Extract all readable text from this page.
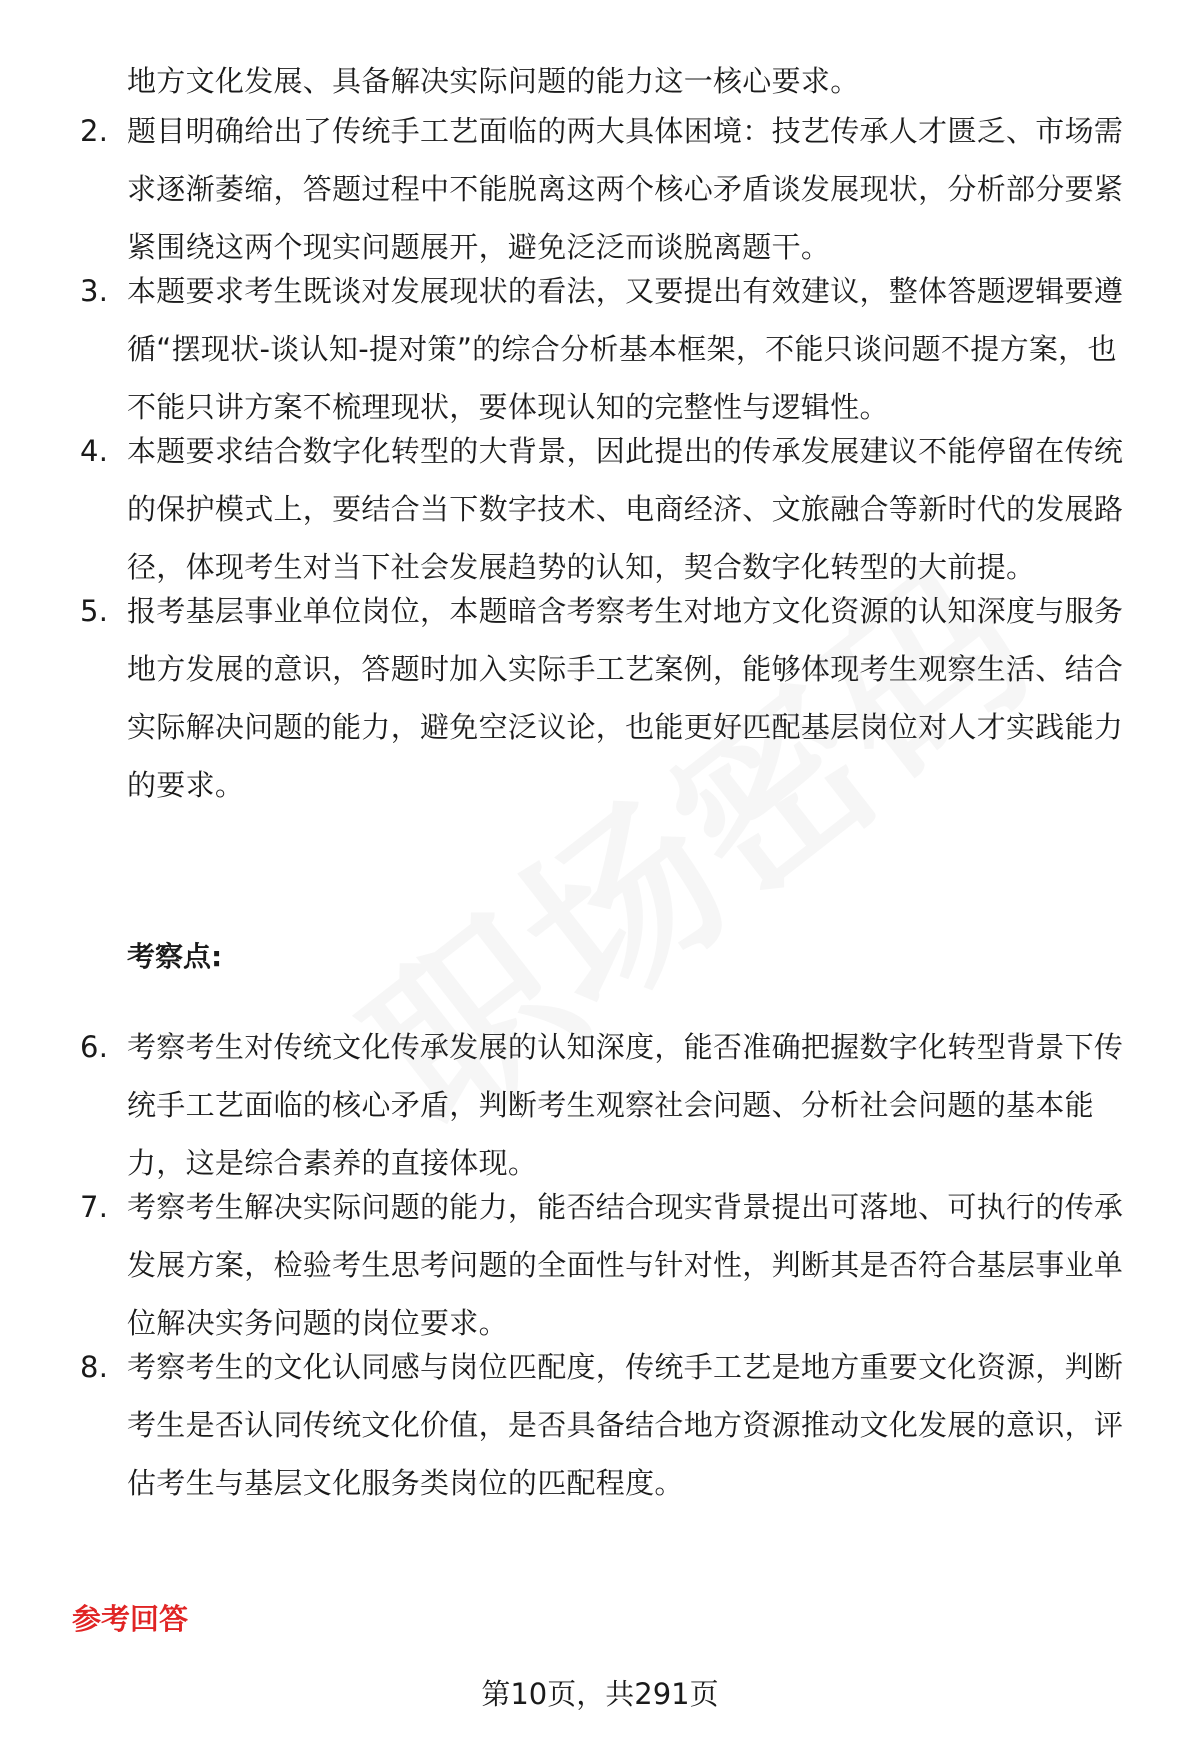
地方文化发展、具备解决实际问题的能力这一核心要求。
2. 题目明确给出了传统手工艺面临的两大具体困境：技艺传承人才匮乏、市场需求逐渐萎缩，答题过程中不能脱离这两个核心矛盾谈发展现状，分析部分要紧紧围绕这两个现实问题展开，避免泛泛而谈脱离题干。
3. 本题要求考生既谈对发展现状的看法，又要提出有效建议，整体答题逻辑要遵循“摆现状-谈认知-提对策”的综合分析基本框架，不能只谈问题不提方案，也不能只讲方案不梳理现状，要体现认知的完整性与逻辑性。
4. 本题要求结合数字化转型的大背景，因此提出的传承发展建议不能停留在传统的保护模式上，要结合当下数字技术、电商经济、文旅融合等新时代的发展路径，体现考生对当下社会发展趋势的认知，契合数字化转型的大前提。
5. 报考基层事业单位岗位，本题暗含考察考生对地方文化资源的认知深度与服务地方发展的意识，答题时加入实际手工艺案例，能够体现考生观察生活、结合实际解决问题的能力，避免空泛议论，也能更好匹配基层岗位对人才实践能力的要求。
考察点:
6. 考察考生对传统文化传承发展的认知深度，能否准确把握数字化转型背景下传统手工艺面临的核心矛盾，判断考生观察社会问题、分析社会问题的基本能力，这是综合素养的直接体现。
7. 考察考生解决实际问题的能力，能否结合现实背景提出可落地、可执行的传承发展方案，检验考生思考问题的全面性与针对性，判断其是否符合基层事业单位解决实务问题的岗位要求。
8. 考察考生的文化认同感与岗位匹配度，传统手工艺是地方重要文化资源，判断考生是否认同传统文化价值，是否具备结合地方资源推动文化发展的意识，评估考生与基层文化服务类岗位的匹配程度。
参考回答
第10页，共291页
